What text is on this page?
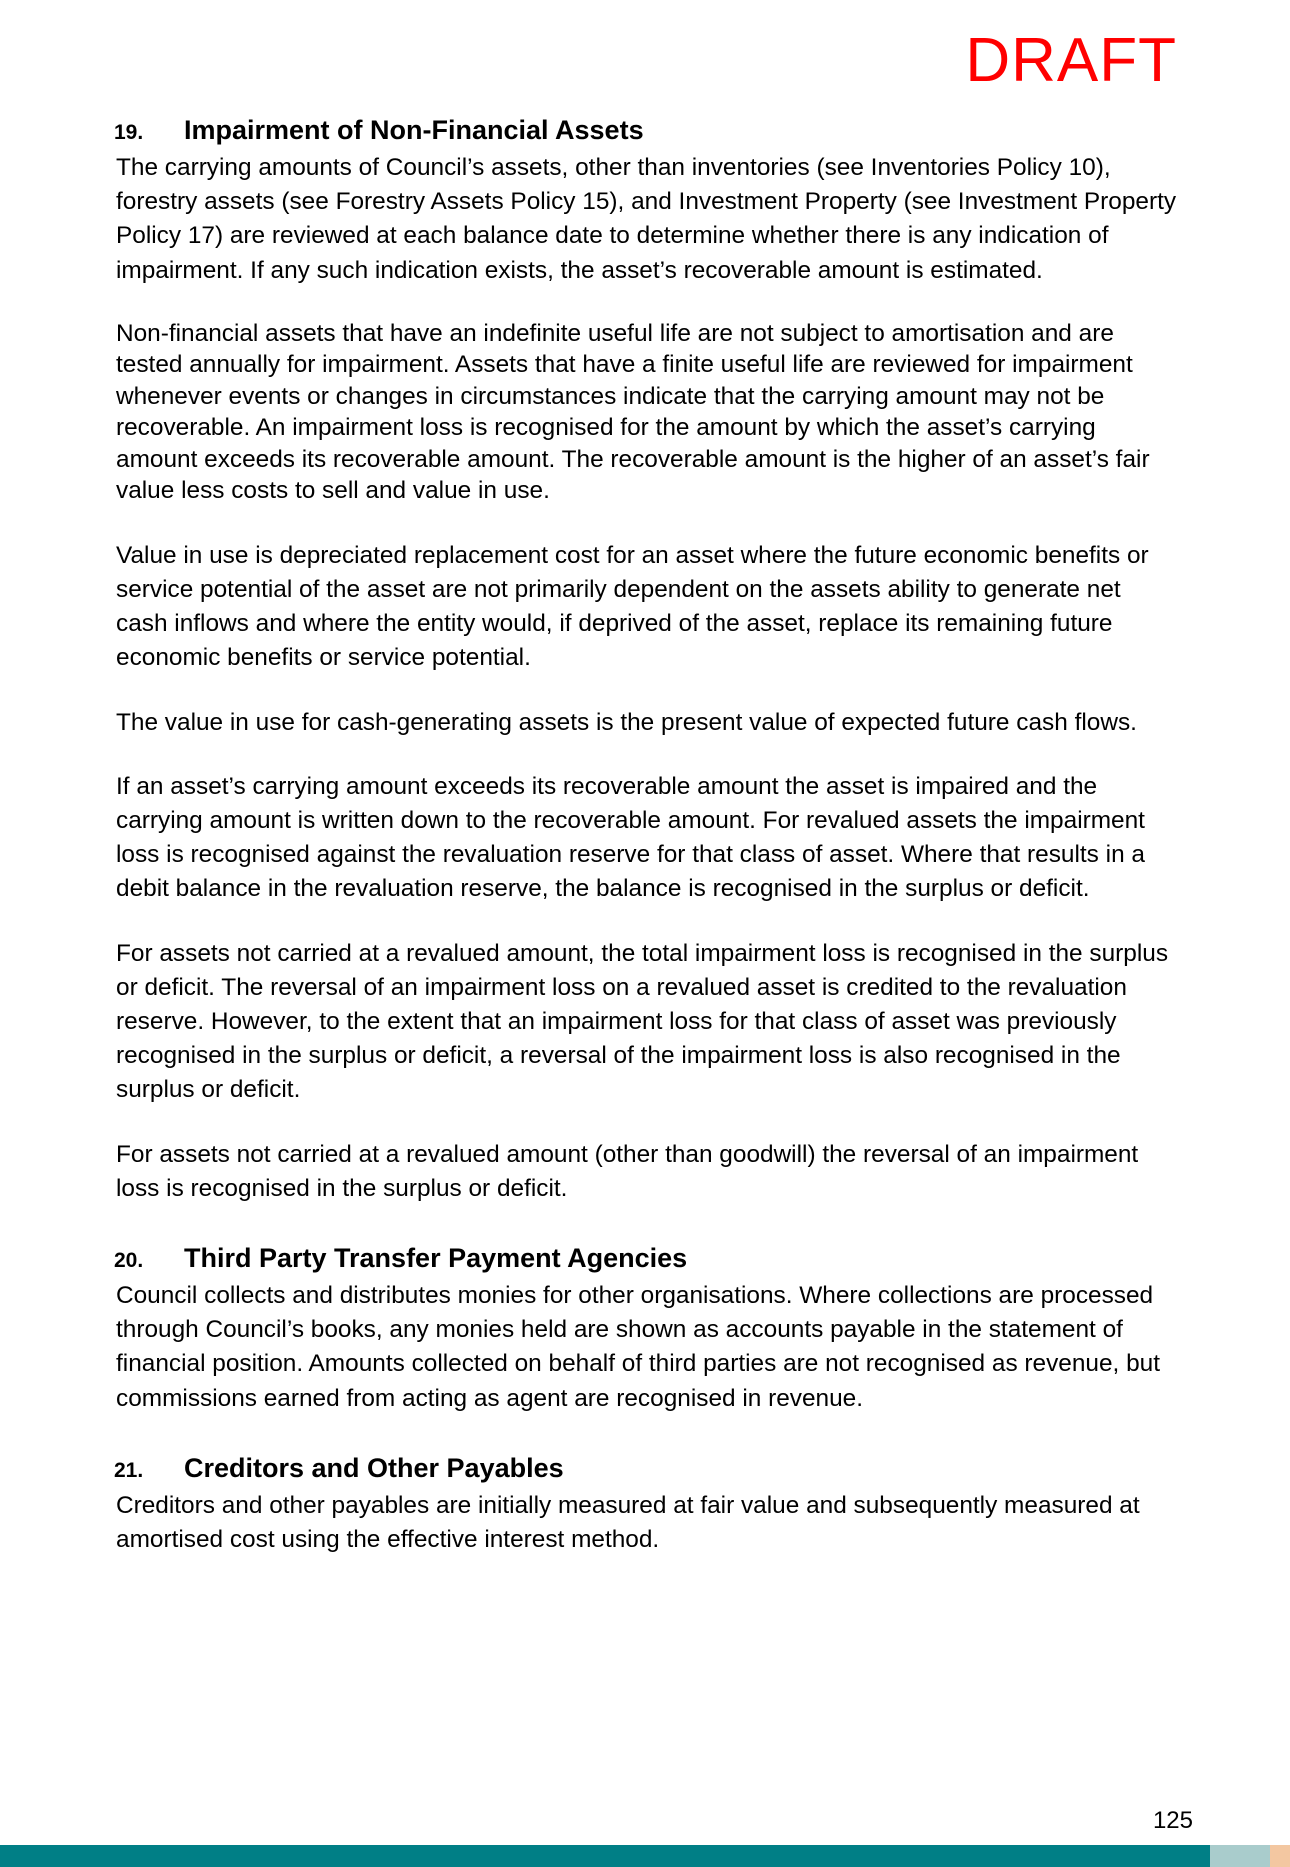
DRAFT
19.	Impairment of Non-Financial Assets

The carrying amounts of Council’s assets, other than inventories (see Inventories Policy 10), forestry assets (see Forestry Assets Policy 15), and Investment Property (see Investment Property Policy 17) are reviewed at each balance date to determine whether there is any indication of impairment. If any such indication exists, the asset’s recoverable amount is estimated.

Non-financial assets that have an indefinite useful life are not subject to amortisation and are tested annually for impairment. Assets that have a finite useful life are reviewed for impairment whenever events or changes in circumstances indicate that the carrying amount may not be recoverable. An impairment loss is recognised for the amount by which the asset’s carrying amount exceeds its recoverable amount. The recoverable amount is the higher of an asset’s fair value less costs to sell and value in use.

Value in use is depreciated replacement cost for an asset where the future economic benefits or service potential of the asset are not primarily dependent on the assets ability to generate net cash inflows and where the entity would, if deprived of the asset, replace its remaining future economic benefits or service potential.

The value in use for cash-generating assets is the present value of expected future cash flows.

If an asset’s carrying amount exceeds its recoverable amount the asset is impaired and the carrying amount is written down to the recoverable amount. For revalued assets the impairment loss is recognised against the revaluation reserve for that class of asset. Where that results in a debit balance in the revaluation reserve, the balance is recognised in the surplus or deficit.

For assets not carried at a revalued amount, the total impairment loss is recognised in the surplus or deficit. The reversal of an impairment loss on a revalued asset is credited to the revaluation reserve. However, to the extent that an impairment loss for that class of asset was previously recognised in the surplus or deficit, a reversal of the impairment loss is also recognised in the surplus or deficit.

For assets not carried at a revalued amount (other than goodwill) the reversal of an impairment loss is recognised in the surplus or deficit.

20.	Third Party Transfer Payment Agencies

Council collects and distributes monies for other organisations. Where collections are processed through Council’s books, any monies held are shown as accounts payable in the statement of financial position. Amounts collected on behalf of third parties are not recognised as revenue, but commissions earned from acting as agent are recognised in revenue.

21.	Creditors and Other Payables

Creditors and other payables are initially measured at fair value and subsequently measured at amortised cost using the effective interest method.

125
